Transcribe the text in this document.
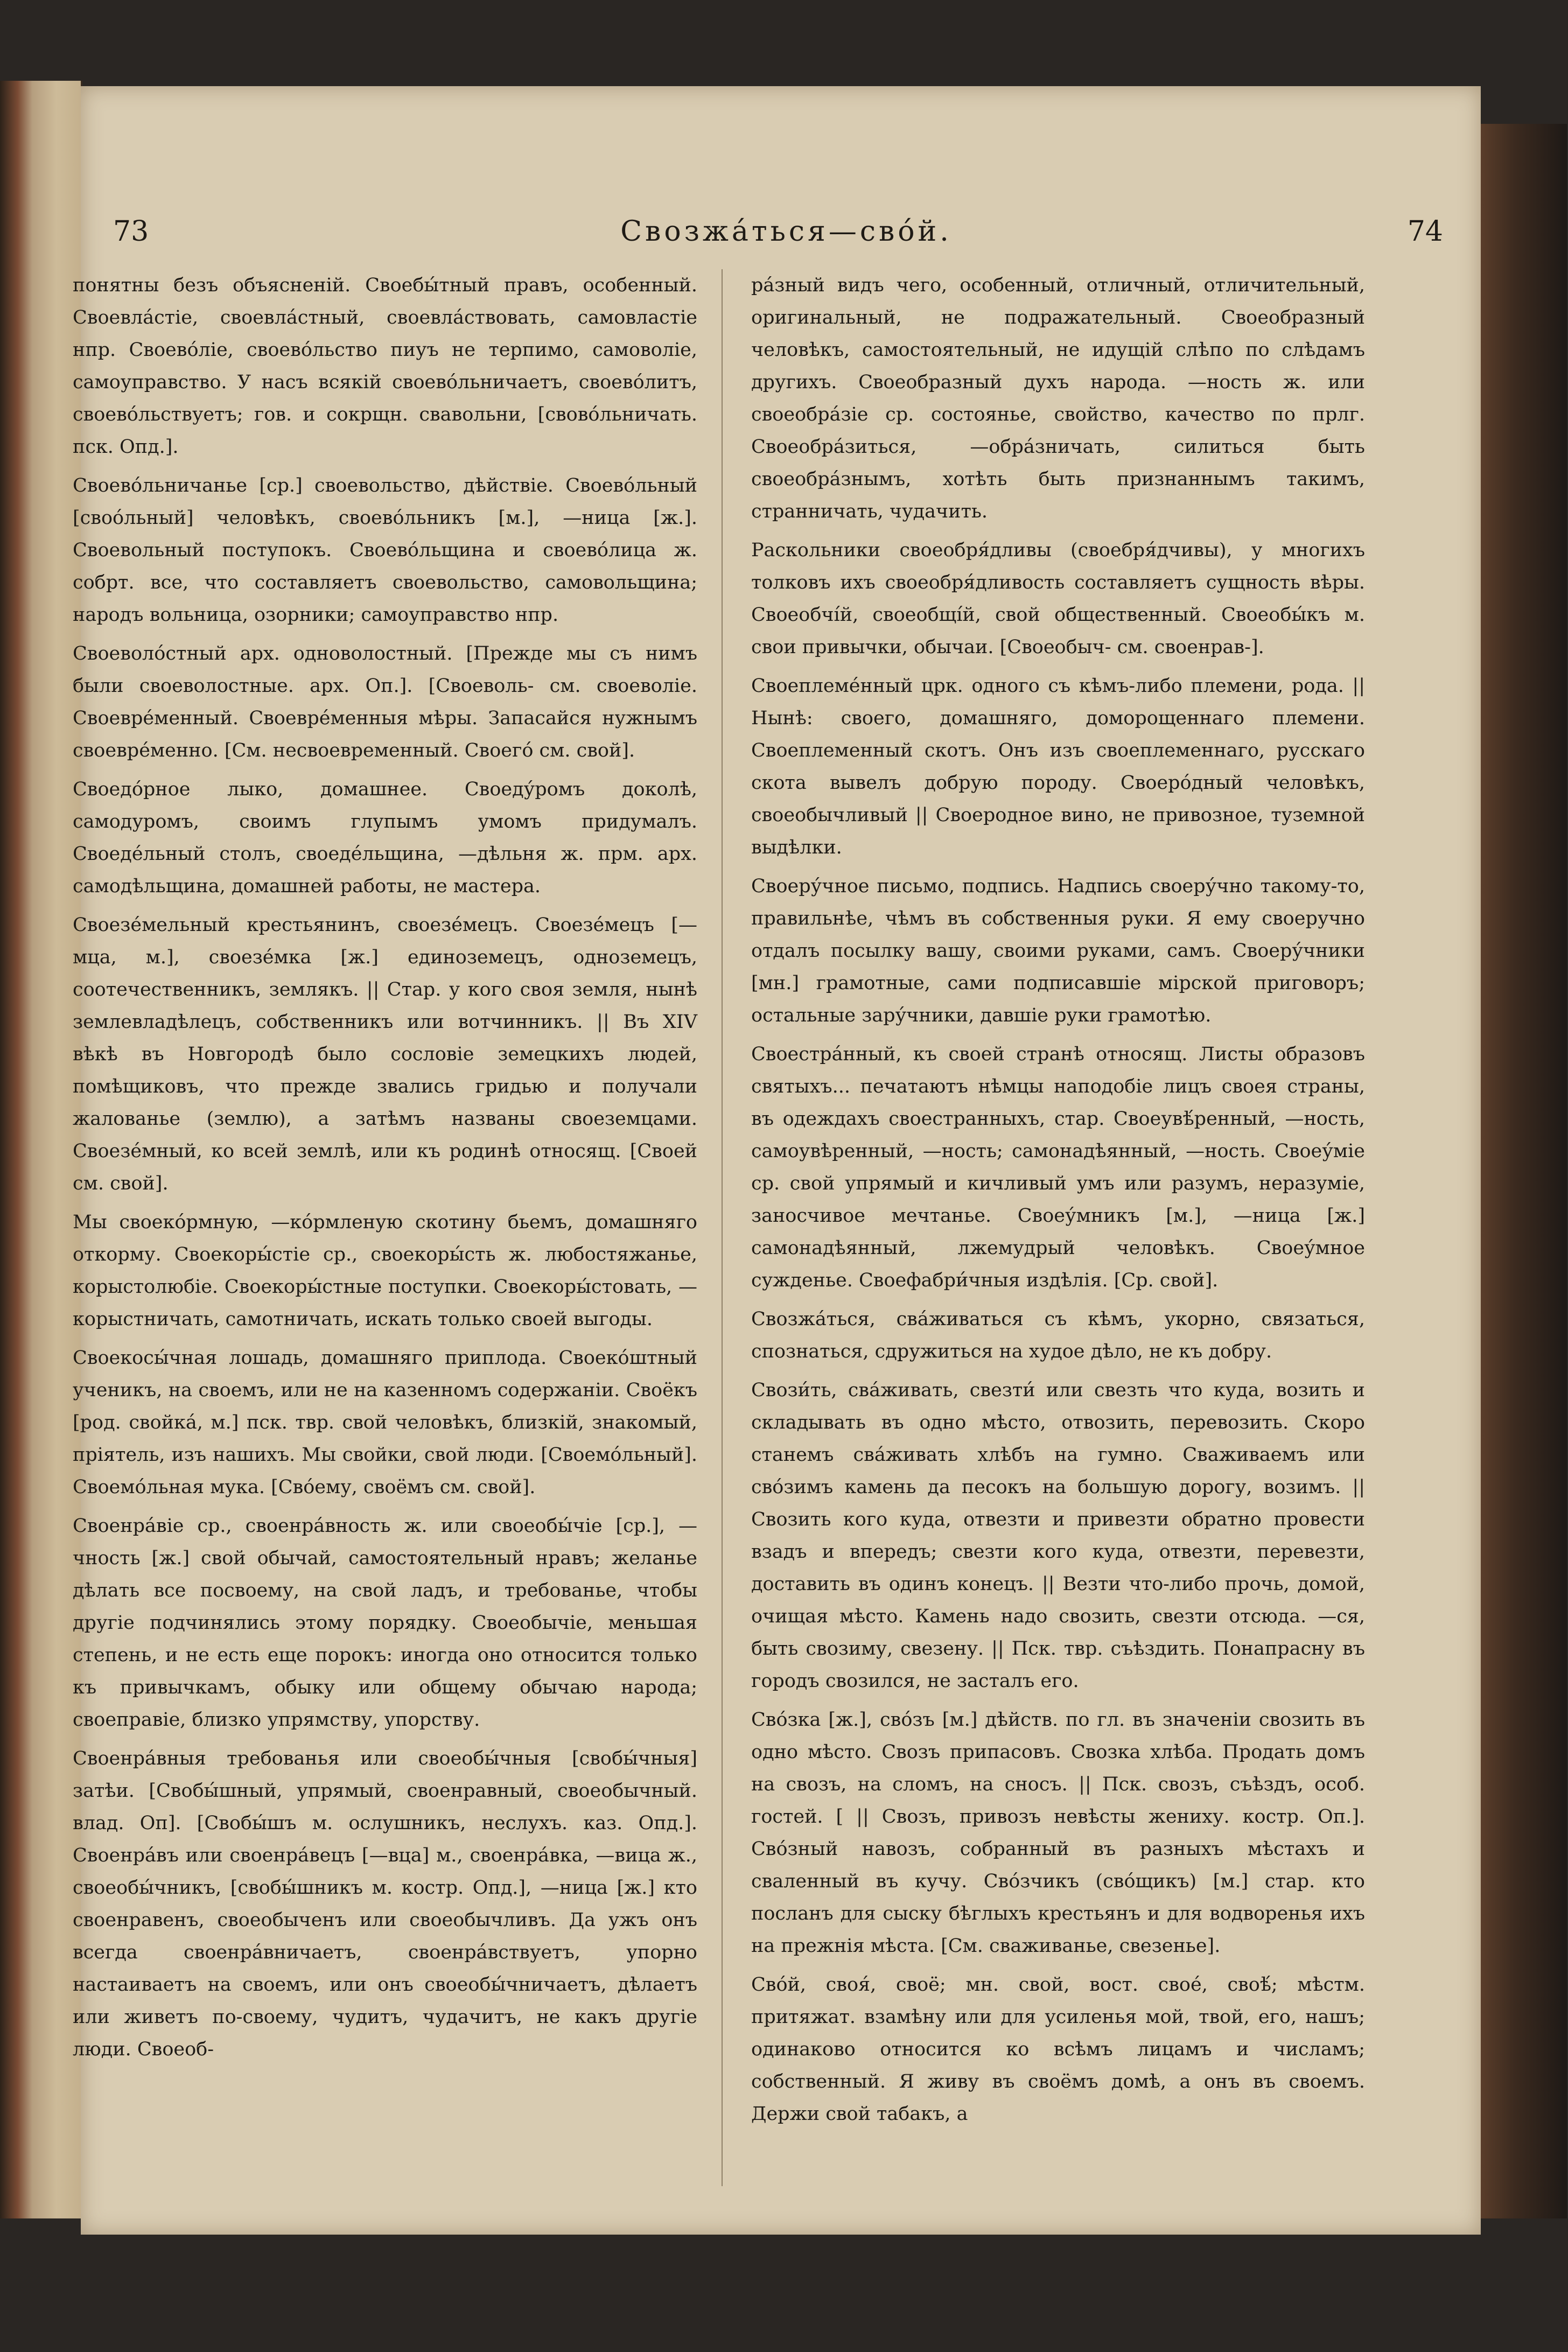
73	Свозжа́ться—сво́й.	74

понятны безъ объясненій. Своебы́тный правъ, особенный. Своевла́стіе, своевла́стный, своевла́ствовать, самовластіе нпр. Своево́ліе, своево́льство пиуъ не терпимо, самоволіе, самоуправство. У насъ всякій своево́льничаетъ, своево́литъ, своево́льствуетъ; гов. и сокрщн. свавольни, [свово́льничать. пск. Опд.].

Своево́льничанье [ср.] своевольство, дѣйствіе. Своево́льный [своо́льный] человѣкъ, своево́льникъ [м.], —ница [ж.]. Своевольный поступокъ. Своево́льщина и своево́лица ж. собрт. все, что составляетъ своевольство, самовольщина; народъ вольница, озорники; самоуправство нпр.

Своеволо́стный арх. одноволостный. [Прежде мы съ нимъ были своеволостные. арх. Оп.]. [Своеволь- см. своеволіе. Своевре́менный. Своевре́менныя мѣры. Запасайся нужнымъ своевре́менно. [См. несвоевременный. Своего́ см. свой].

Своедо́рное лыко, домашнее. Своеду́ромъ доколѣ, самодуромъ, своимъ глупымъ умомъ придумалъ. Своеде́льный столъ, своеде́льщина, —дѣльня ж. прм. арх. самодѣльщина, домашней работы, не мастера.

Своезе́мельный крестьянинъ, своезе́мецъ. Своезе́мецъ [—мца, м.], своезе́мка [ж.] единоземецъ, одноземецъ, соотечественникъ, землякъ. || Стар. у кого своя земля, нынѣ землевладѣлецъ, собственникъ или вотчинникъ. || Въ XIV вѣкѣ въ Новгородѣ было сословіе земецкихъ людей, помѣщиковъ, что прежде звались гридью и получали жалованье (землю), а затѣмъ названы своеземцами. Своезе́мный, ко всей землѣ, или къ родинѣ относящ. [Своей см. свой].

Мы своеко́рмную, —ко́рмленую скотину бьемъ, домашняго откорму. Своекоры́стіе ср., своекоры́сть ж. любостяжанье, корыстолюбіе. Своекоры́стные поступки. Своекоры́стовать, —корыстничать, самотничать, искать только своей выгоды.

Своекосы́чная лошадь, домашняго приплода. Своеко́штный ученикъ, на своемъ, или не на казенномъ содержаніи. Своёкъ [род. свойка́, м.] пск. твр. свой человѣкъ, близкій, знакомый, пріятель, изъ нашихъ. Мы свойки, свой люди. [Своемо́льный]. Своемо́льная мука. [Сво́ему, своёмъ см. свой].

Своенра́віе ср., своенра́вность ж. или своеобы́чіе [ср.], —чность [ж.] свой обычай, самостоятельный нравъ; желанье дѣлать все посвоему, на свой ладъ, и требованье, чтобы другіе подчинялись этому порядку. Своеобычіе, меньшая степень, и не есть еще порокъ: иногда оно относится только къ привычкамъ, обыку или общему обычаю народа; своеправіе, близко упрямству, упорству.

Своенра́вныя требованья или своеобы́чныя [свобы́чныя] затѣи. [Свобы́шный, упрямый, своенравный, своеобычный. влад. Оп]. [Свобы́шъ м. ослушникъ, неслухъ. каз. Опд.]. Своенра́въ или своенра́вецъ [—вца] м., своенра́вка, —вица ж., своеобы́чникъ, [свобы́шникъ м. костр. Опд.], —ница [ж.] кто своенравенъ, своеобыченъ или своеобычливъ. Да ужъ онъ всегда своенра́вничаетъ, своенра́вствуетъ, упорно настаиваетъ на своемъ, или онъ своеобы́чничаетъ, дѣлаетъ или живетъ по-своему, чудитъ, чудачитъ, не какъ другіе люди. Своеоб-

ра́зный видъ чего, особенный, отличный, отличительный, оригинальный, не подражательный. Своеобразный человѣкъ, самостоятельный, не идущій слѣпо по слѣдамъ другихъ. Своеобразный духъ народа. —ность ж. или своеобра́зіе ср. состоянье, свойство, качество по прлг. Своеобра́зиться, —обра́зничать, силиться быть своеобра́знымъ, хотѣть быть признаннымъ такимъ, странничать, чудачить.

Раскольники своеобря́дливы (своебря́дчивы), у многихъ толковъ ихъ своеобря́дливость составляетъ сущность вѣры. Своеобчі́й, своеобщі́й, свой общественный. Своеобы́къ м. свои привычки, обычаи. [Своеобыч- см. своенрав-].

Своеплеме́нный црк. одного съ кѣмъ-либо племени, рода. || Нынѣ: своего, домашняго, доморощеннаго племени. Своеплеменный скотъ. Онъ изъ своеплеменнаго, русскаго скота вывелъ добрую породу. Своеро́дный человѣкъ, своеобычливый || Своеродное вино, не привозное, туземной выдѣлки.

Своеру́чное письмо, подпись. Надпись своеру́чно такому-то, правильнѣе, чѣмъ въ собственныя руки. Я ему своеручно отдалъ посылку вашу, своими руками, самъ. Своеру́чники [мн.] грамотные, сами подписавшіе мірской приговоръ; остальные зару́чники, давшіе руки грамотѣю.

Своестра́нный, къ своей странѣ относящ. Листы образовъ святыхъ... печатаютъ нѣмцы наподобіе лицъ своея страны, въ одеждахъ своестранныхъ, стар. Своеувѣ́ренный, —ность, самоувѣренный, —ность; самонадѣянный, —ность. Своеу́міе ср. свой упрямый и кичливый умъ или разумъ, неразуміе, заносчивое мечтанье. Своеу́мникъ [м.], —ница [ж.] самонадѣянный, лжемудрый человѣкъ. Своеу́мное сужденье. Своефабри́чныя издѣлія. [Ср. свой].

Свозжа́ться, сва́живаться съ кѣмъ, укорно, связаться, спознаться, сдружиться на худое дѣло, не къ добру.

Свози́ть, сва́живать, свезти́ или свезть что куда, возить и складывать въ одно мѣсто, отвозить, перевозить. Скоро станемъ свáживать хлѣбъ на гумно. Сваживаемъ или сво́зимъ камень да песокъ на большую дорогу, возимъ. || Свозить кого куда, отвезти и привезти обратно провести взадъ и впередъ; свезти кого куда, отвезти, перевезти, доставить въ одинъ конецъ. || Везти что-либо прочь, домой, очищая мѣсто. Камень надо свозить, свезти отсюда. —ся, быть свозиму, свезену. || Пск. твр. съѣздить. Понапрасну въ городъ свозился, не засталъ его.

Сво́зка [ж.], сво́зъ [м.] дѣйств. по гл. въ значеніи свозить въ одно мѣсто. Свозъ припасовъ. Свозка хлѣба. Продать домъ на свозъ, на сломъ, на сносъ. || Пск. свозъ, съѣздъ, особ. гостей. [ || Свозъ, привозъ невѣсты жениху. костр. Оп.]. Сво́зный навозъ, собранный въ разныхъ мѣстахъ и сваленный въ кучу. Сво́зчикъ (сво́щикъ) [м.] стар. кто посланъ для сыску бѣглыхъ крестьянъ и для водворенья ихъ на прежнія мѣста. [См. сваживанье, свезенье].

Сво́й, своя́, своё; мн. свой, вост. свое́, своѣ́; мѣстм. притяжат. взамѣну или для усиленья мой, твой, его, нашъ; одинаково относится ко всѣмъ лицамъ и числамъ; собственный. Я живу въ своёмъ домѣ, а онъ въ своемъ. Держи свой табакъ, а
